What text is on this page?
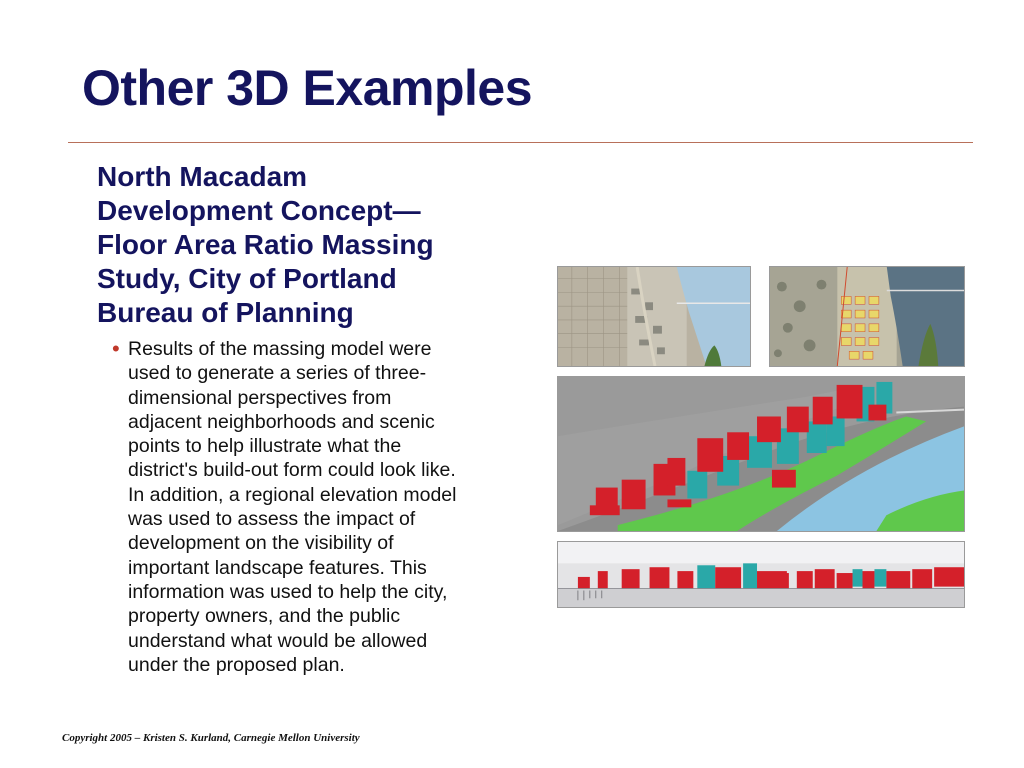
Other 3D Examples
North Macadam
Development Concept—
Floor Area Ratio Massing
Study, City of Portland
Bureau of Planning
• Results of the massing model were
used to generate a series of three-
dimensional perspectives from
adjacent neighborhoods and scenic
points to help illustrate what the
district's build-out form could look like.
In addition, a regional elevation model
was used to assess the impact of
development on the visibility of
important landscape features. This
information was used to help the city,
property owners, and the public
understand what would be allowed
under the proposed plan.
Copyright 2005 – Kristen S. Kurland, Carnegie Mellon University
